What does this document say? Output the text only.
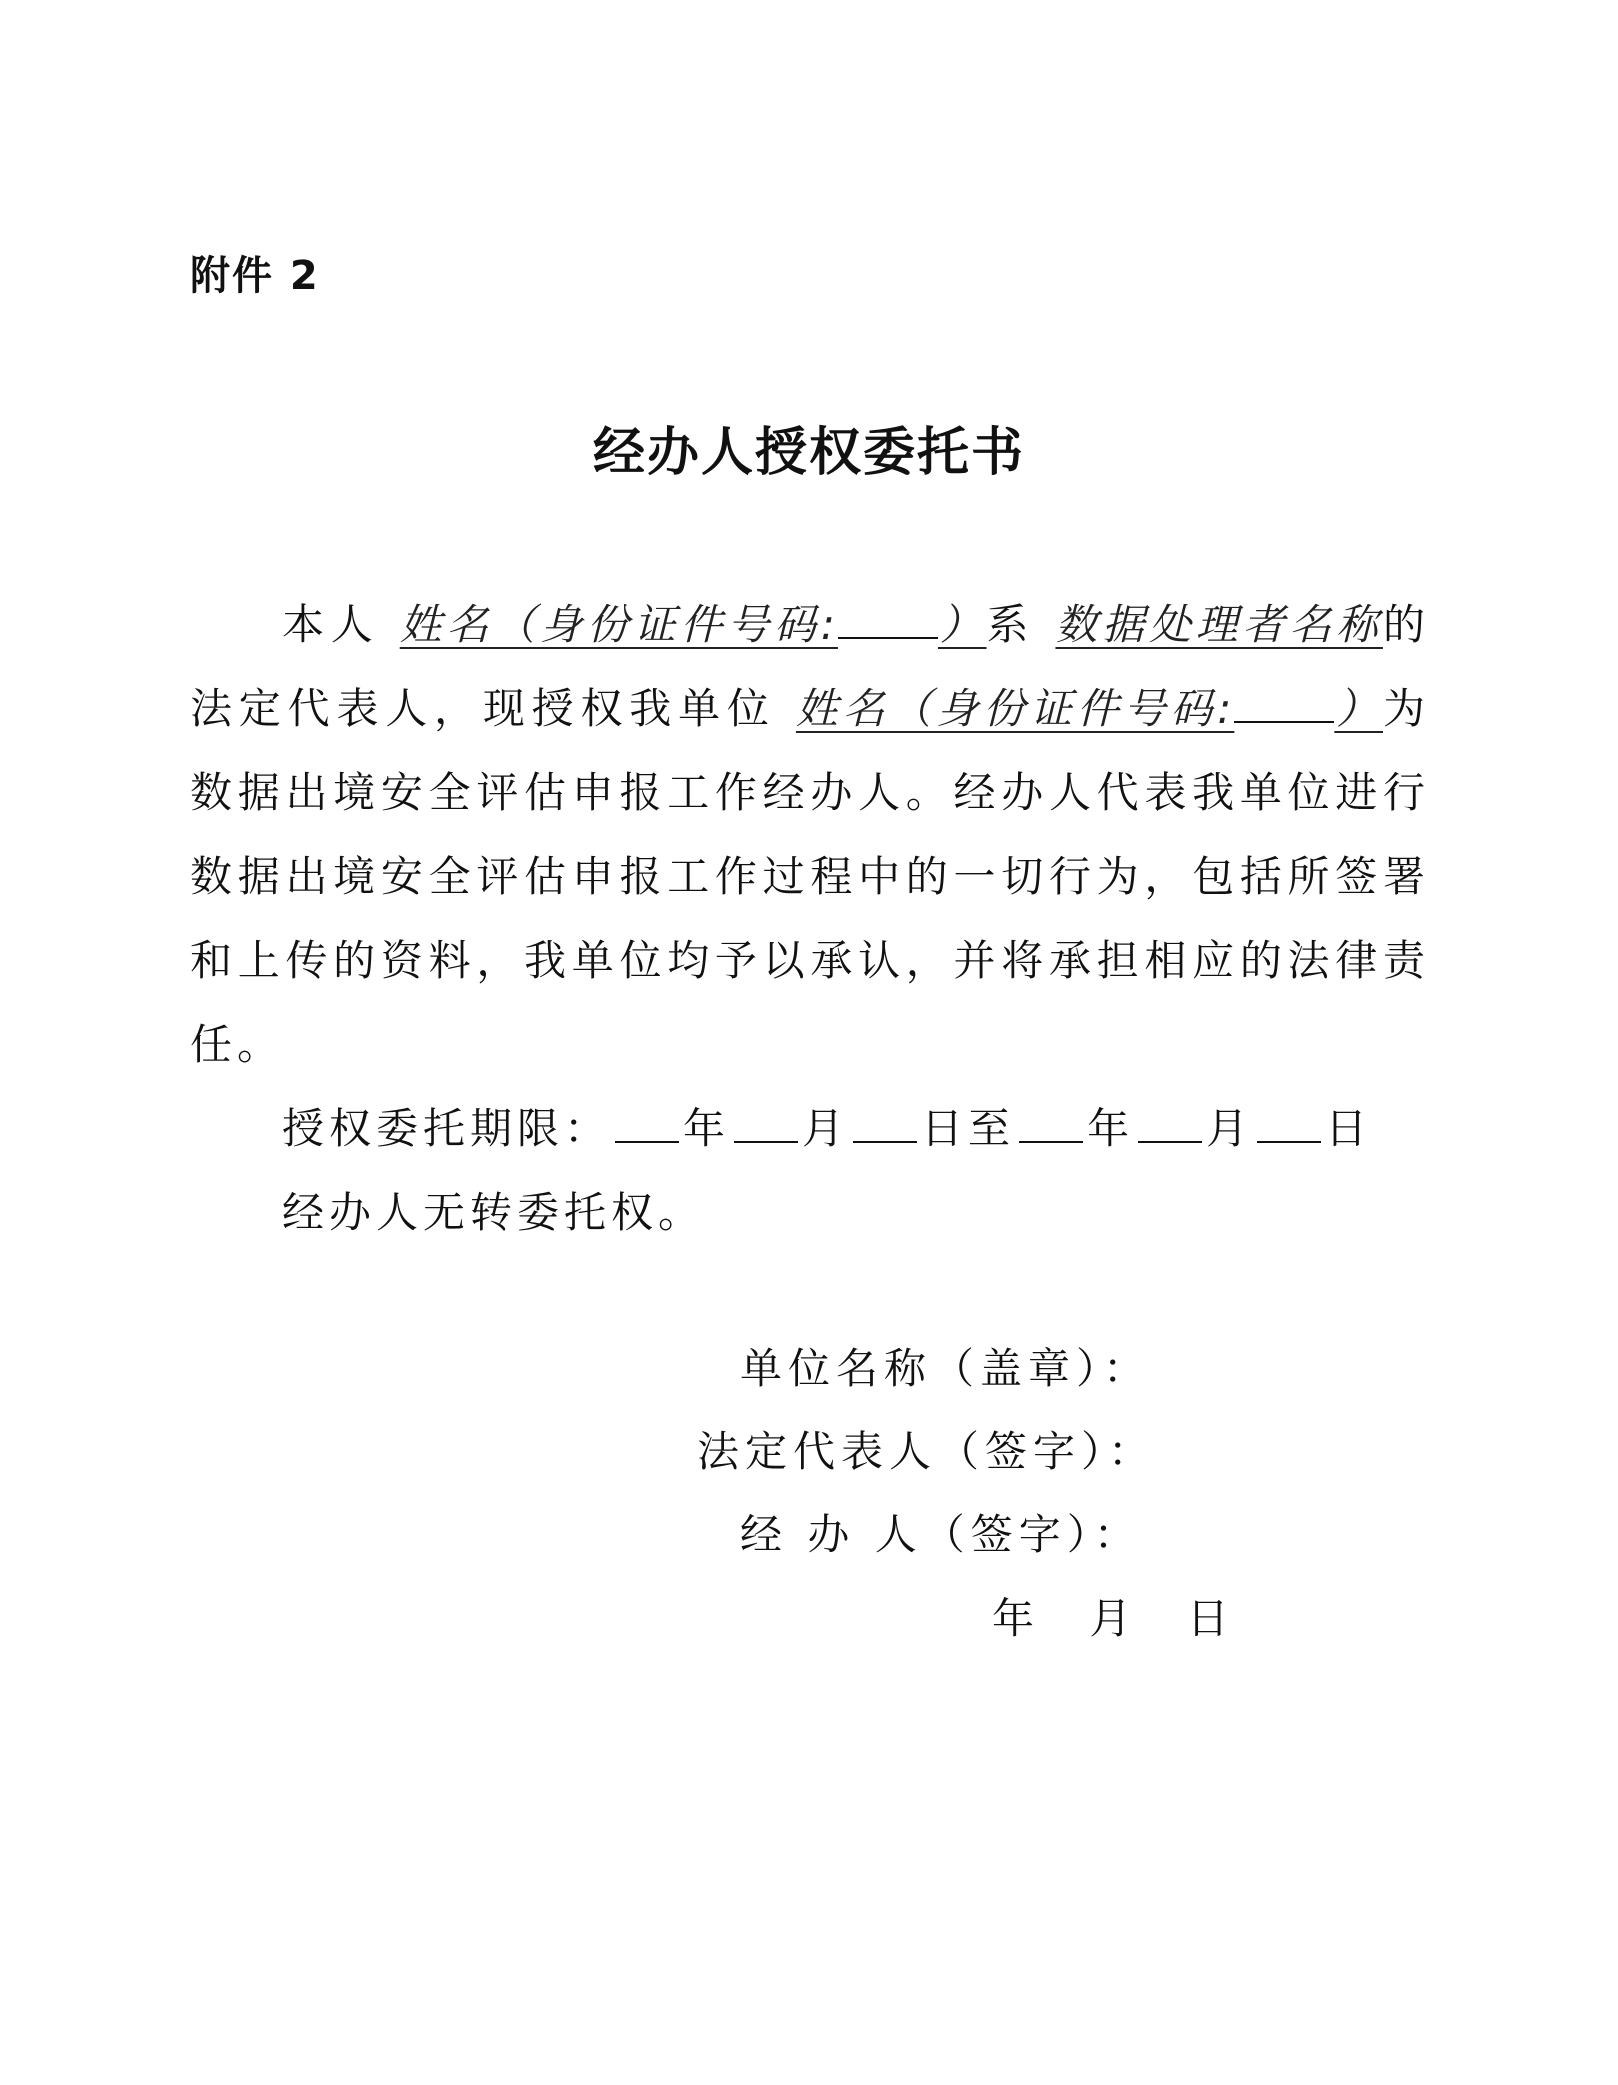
附件 2
经办人授权委托书

本人 姓名（身份证件号码: ）系 数据处理者名称的法定代表人，现授权我单位 姓名（身份证件号码: ）为数据出境安全评估申报工作经办人。经办人代表我单位进行数据出境安全评估申报工作过程中的一切行为，包括所签署和上传的资料，我单位均予以承认，并将承担相应的法律责任。

授权委托期限： 年 月 日至 年 月 日

经办人无转委托权。

单位名称（盖章）：
法定代表人（签字）：
经 办 人（签字）：
年 月 日
